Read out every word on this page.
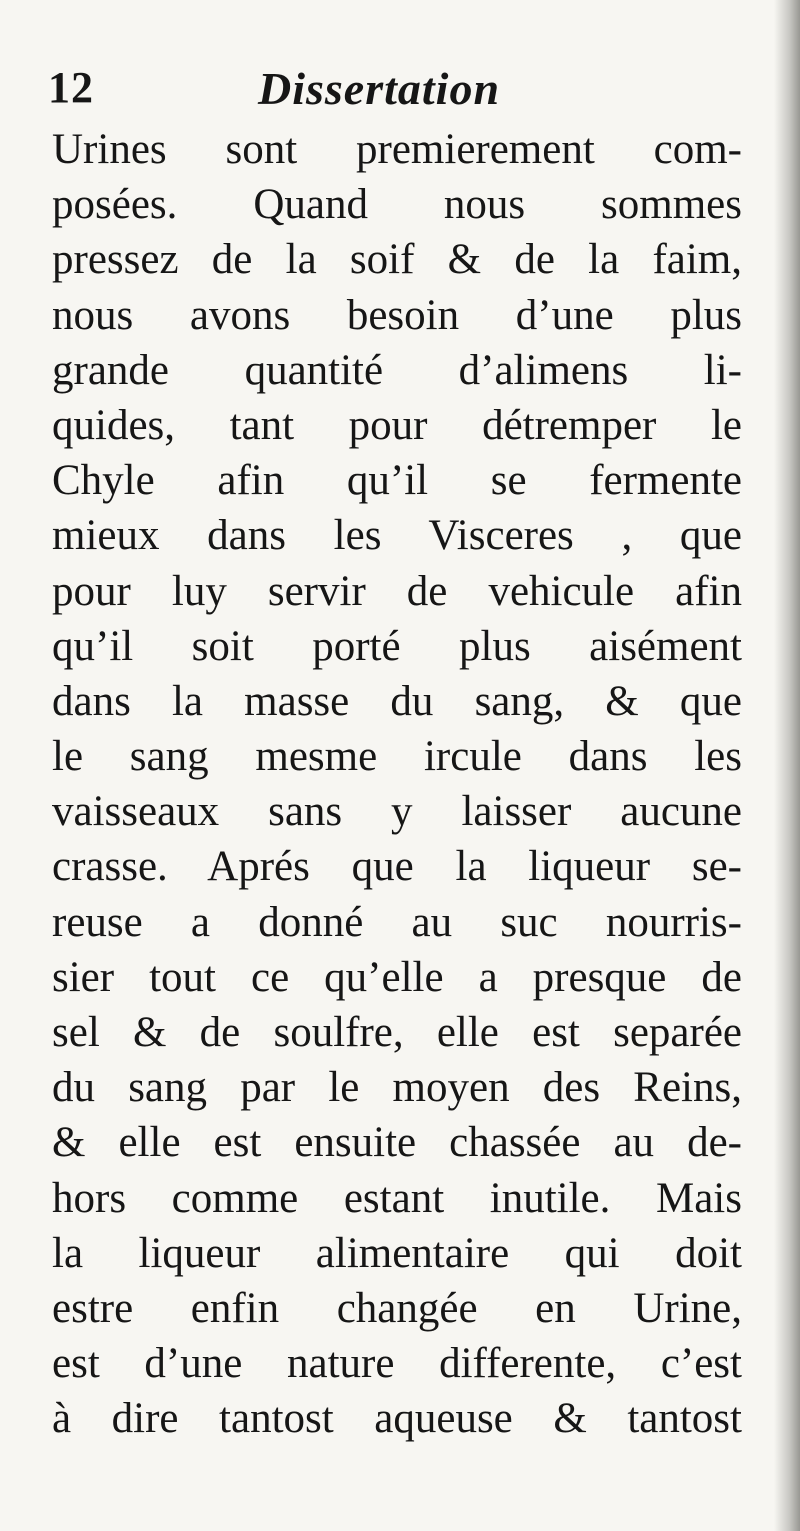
12	Dissertation
Urines sont premierement com-
posées. Quand nous sommes
pressez de la soif & de la faim,
nous avons besoin d’une plus
grande quantité d’alimens li-
quides, tant pour détremper le
Chyle afin qu’il se fermente
mieux dans les Visceres , que
pour luy servir de vehicule afin
qu’il soit porté plus aisément
dans la masse du sang, & que
le sang mesme ircule dans les
vaisseaux sans y laisser aucune
crasse. Aprés que la liqueur se-
reuse a donné au suc nourris-
sier tout ce qu’elle a presque de
sel & de soulfre, elle est separée
du sang par le moyen des Reins,
& elle est ensuite chassée au de-
hors comme estant inutile. Mais
la liqueur alimentaire qui doit
estre enfin changée en Urine,
est d’une nature differente, c’est
à dire tantost aqueuse & tantost
